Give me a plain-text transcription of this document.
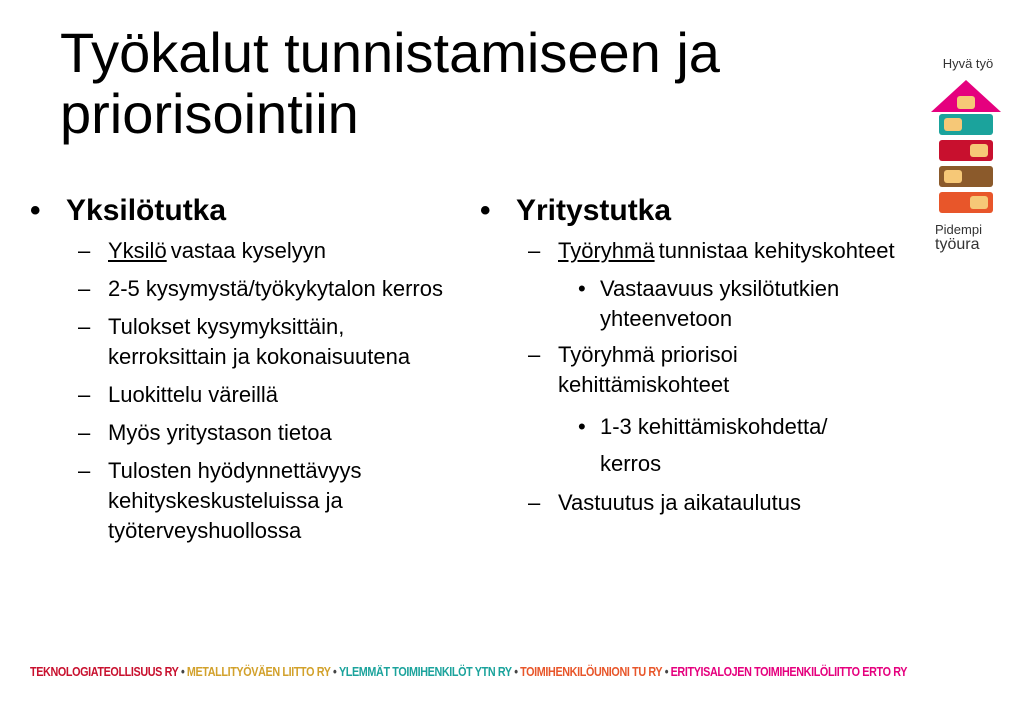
Työkalut tunnistamiseen ja priorisointiin
• Yksilötutka
– Yksilö vastaa kyselyyn
– 2-5 kysymystä/työkykytalon kerros
– Tulokset kysymyksittäin, kerroksittain ja kokonaisuutena
– Luokittelu väreillä
– Myös yritystason tietoa
– Tulosten hyödynnettävyys kehityskeskusteluissa ja työterveyshuollossa
• Yritystutka
– Työryhmä tunnistaa kehityskohteet
• Vastaavuus yksilötutkien yhteenvetoon
– Työryhmä priorisoi kehittämiskohteet
• 1-3 kehittämiskohdetta/
kerros
– Vastuutus ja aikataulutus
Hyvä työ
Pidempi
työura
TEKNOLOGIATEOLLISUUS RY • METALLITYÖVÄEN LIITTO RY • YLEMMÄT TOIMIHENKILÖT YTN RY • TOIMIHENKILÖUNIONI TU RY • ERITYISALOJEN TOIMIHENKILÖLIITTO ERTO RY
